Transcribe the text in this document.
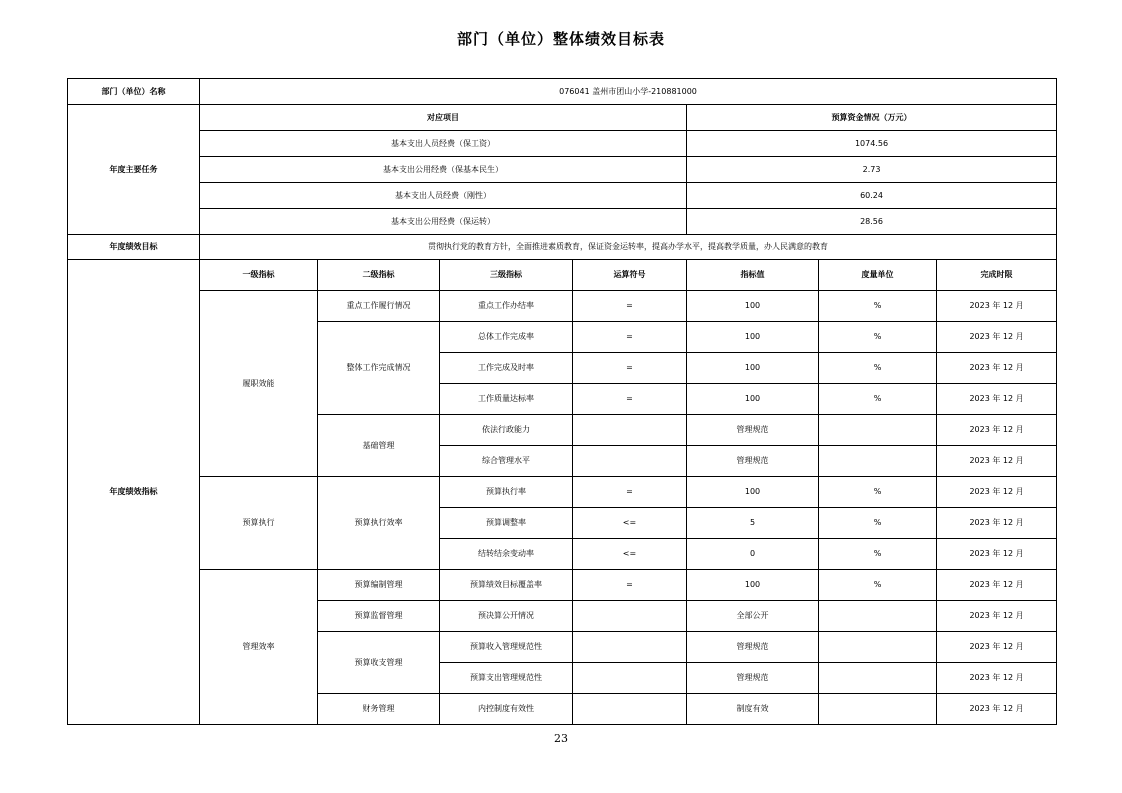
部门（单位）整体绩效目标表
部门（单位）名称	076041 盖州市团山小学-210881000						
年度主要任务	对应项目				预算资金情况（万元）		
	基本支出人员经费（保工资）				1074.56		
	基本支出公用经费（保基本民生）				2.73		
	基本支出人员经费（刚性）				60.24		
	基本支出公用经费（保运转）				28.56		
年度绩效目标	贯彻执行党的教育方针，全面推进素质教育，保证资金运转率，提高办学水平，提高教学质量，办人民满意的教育						
年度绩效指标	一级指标	二级指标	三级指标	运算符号	指标值	度量单位	完成时限
	履职效能	重点工作履行情况	重点工作办结率	=	100	%	2023 年 12 月
		整体工作完成情况	总体工作完成率	=	100	%	2023 年 12 月
			工作完成及时率	=	100	%	2023 年 12 月
			工作质量达标率	=	100	%	2023 年 12 月
		基础管理	依法行政能力		管理规范		2023 年 12 月
			综合管理水平		管理规范		2023 年 12 月
	预算执行	预算执行效率	预算执行率	=	100	%	2023 年 12 月
			预算调整率	<=	5	%	2023 年 12 月
			结转结余变动率	<=	0	%	2023 年 12 月
	管理效率	预算编制管理	预算绩效目标覆盖率	=	100	%	2023 年 12 月
		预算监督管理	预决算公开情况		全部公开		2023 年 12 月
		预算收支管理	预算收入管理规范性		管理规范		2023 年 12 月
			预算支出管理规范性		管理规范		2023 年 12 月
		财务管理	内控制度有效性		制度有效		2023 年 12 月
23
